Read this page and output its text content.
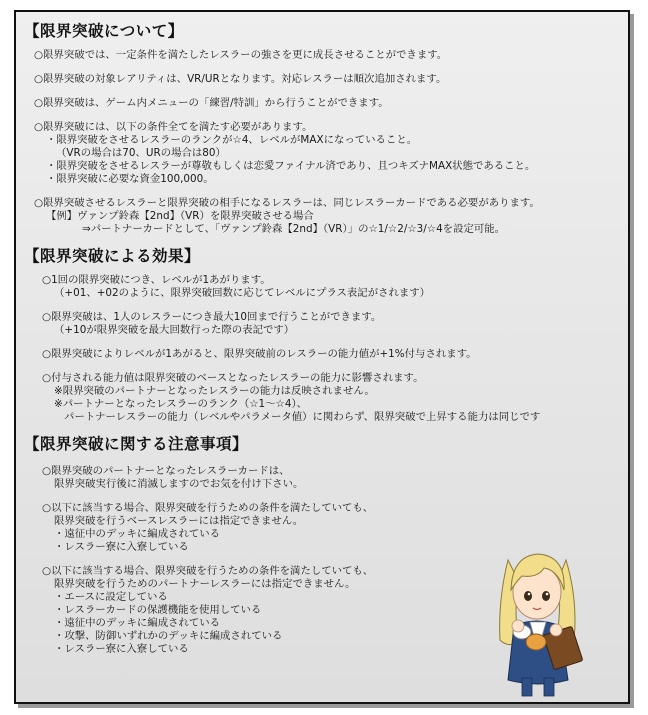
【限界突破について】
○限界突破では、一定条件を満たしたレスラーの強さを更に成長させることができます。
○限界突破の対象レアリティは、VR/URとなります。対応レスラーは順次追加されます。
○限界突破は、ゲーム内メニューの「練習/特訓」から行うことができます。
○限界突破には、以下の条件全てを満たす必要があります。
・限界突破をさせるレスラーのランクが☆4、レベルがMAXになっていること。
（VRの場合は70、URの場合は80）
・限界突破をさせるレスラーが尊敬もしくは恋愛ファイナル済であり、且つキズナMAX状態であること。
・限界突破に必要な資金100,000。
○限界突破させるレスラーと限界突破の相手になるレスラーは、同じレスラーカードである必要があります。
【例】ヴァンプ鈴森【2nd】（VR）を限界突破させる場合
⇒パートナーカードとして、「ヴァンプ鈴森【2nd】（VR）」の☆1/☆2/☆3/☆4を設定可能。
【限界突破による効果】
○1回の限界突破につき、レベルが1あがります。
（+01、+02のように、限界突破回数に応じてレベルにプラス表記がされます）
○限界突破は、1人のレスラーにつき最大10回まで行うことができます。
（+10が限界突破を最大回数行った際の表記です）
○限界突破によりレベルが1あがると、限界突破前のレスラーの能力値が+1%付与されます。
○付与される能力値は限界突破のベースとなったレスラーの能力に影響されます。
※限界突破のパートナーとなったレスラーの能力は反映されません。
※パートナーとなったレスラーのランク（☆1～☆4）、
パートナーレスラーの能力（レベルやパラメータ値）に関わらず、限界突破で上昇する能力は同じです
【限界突破に関する注意事項】
○限界突破のパートナーとなったレスラーカードは、
限界突破実行後に消滅しますのでお気を付け下さい。
○以下に該当する場合、限界突破を行うための条件を満たしていても、
限界突破を行うベースレスラーには指定できません。
・遠征中のデッキに編成されている
・レスラー寮に入寮している
○以下に該当する場合、限界突破を行うための条件を満たしていても、
限界突破を行うためのパートナーレスラーには指定できません。
・エースに設定している
・レスラーカードの保護機能を使用している
・遠征中のデッキに編成されている
・攻撃、防御いずれかのデッキに編成されている
・レスラー寮に入寮している
